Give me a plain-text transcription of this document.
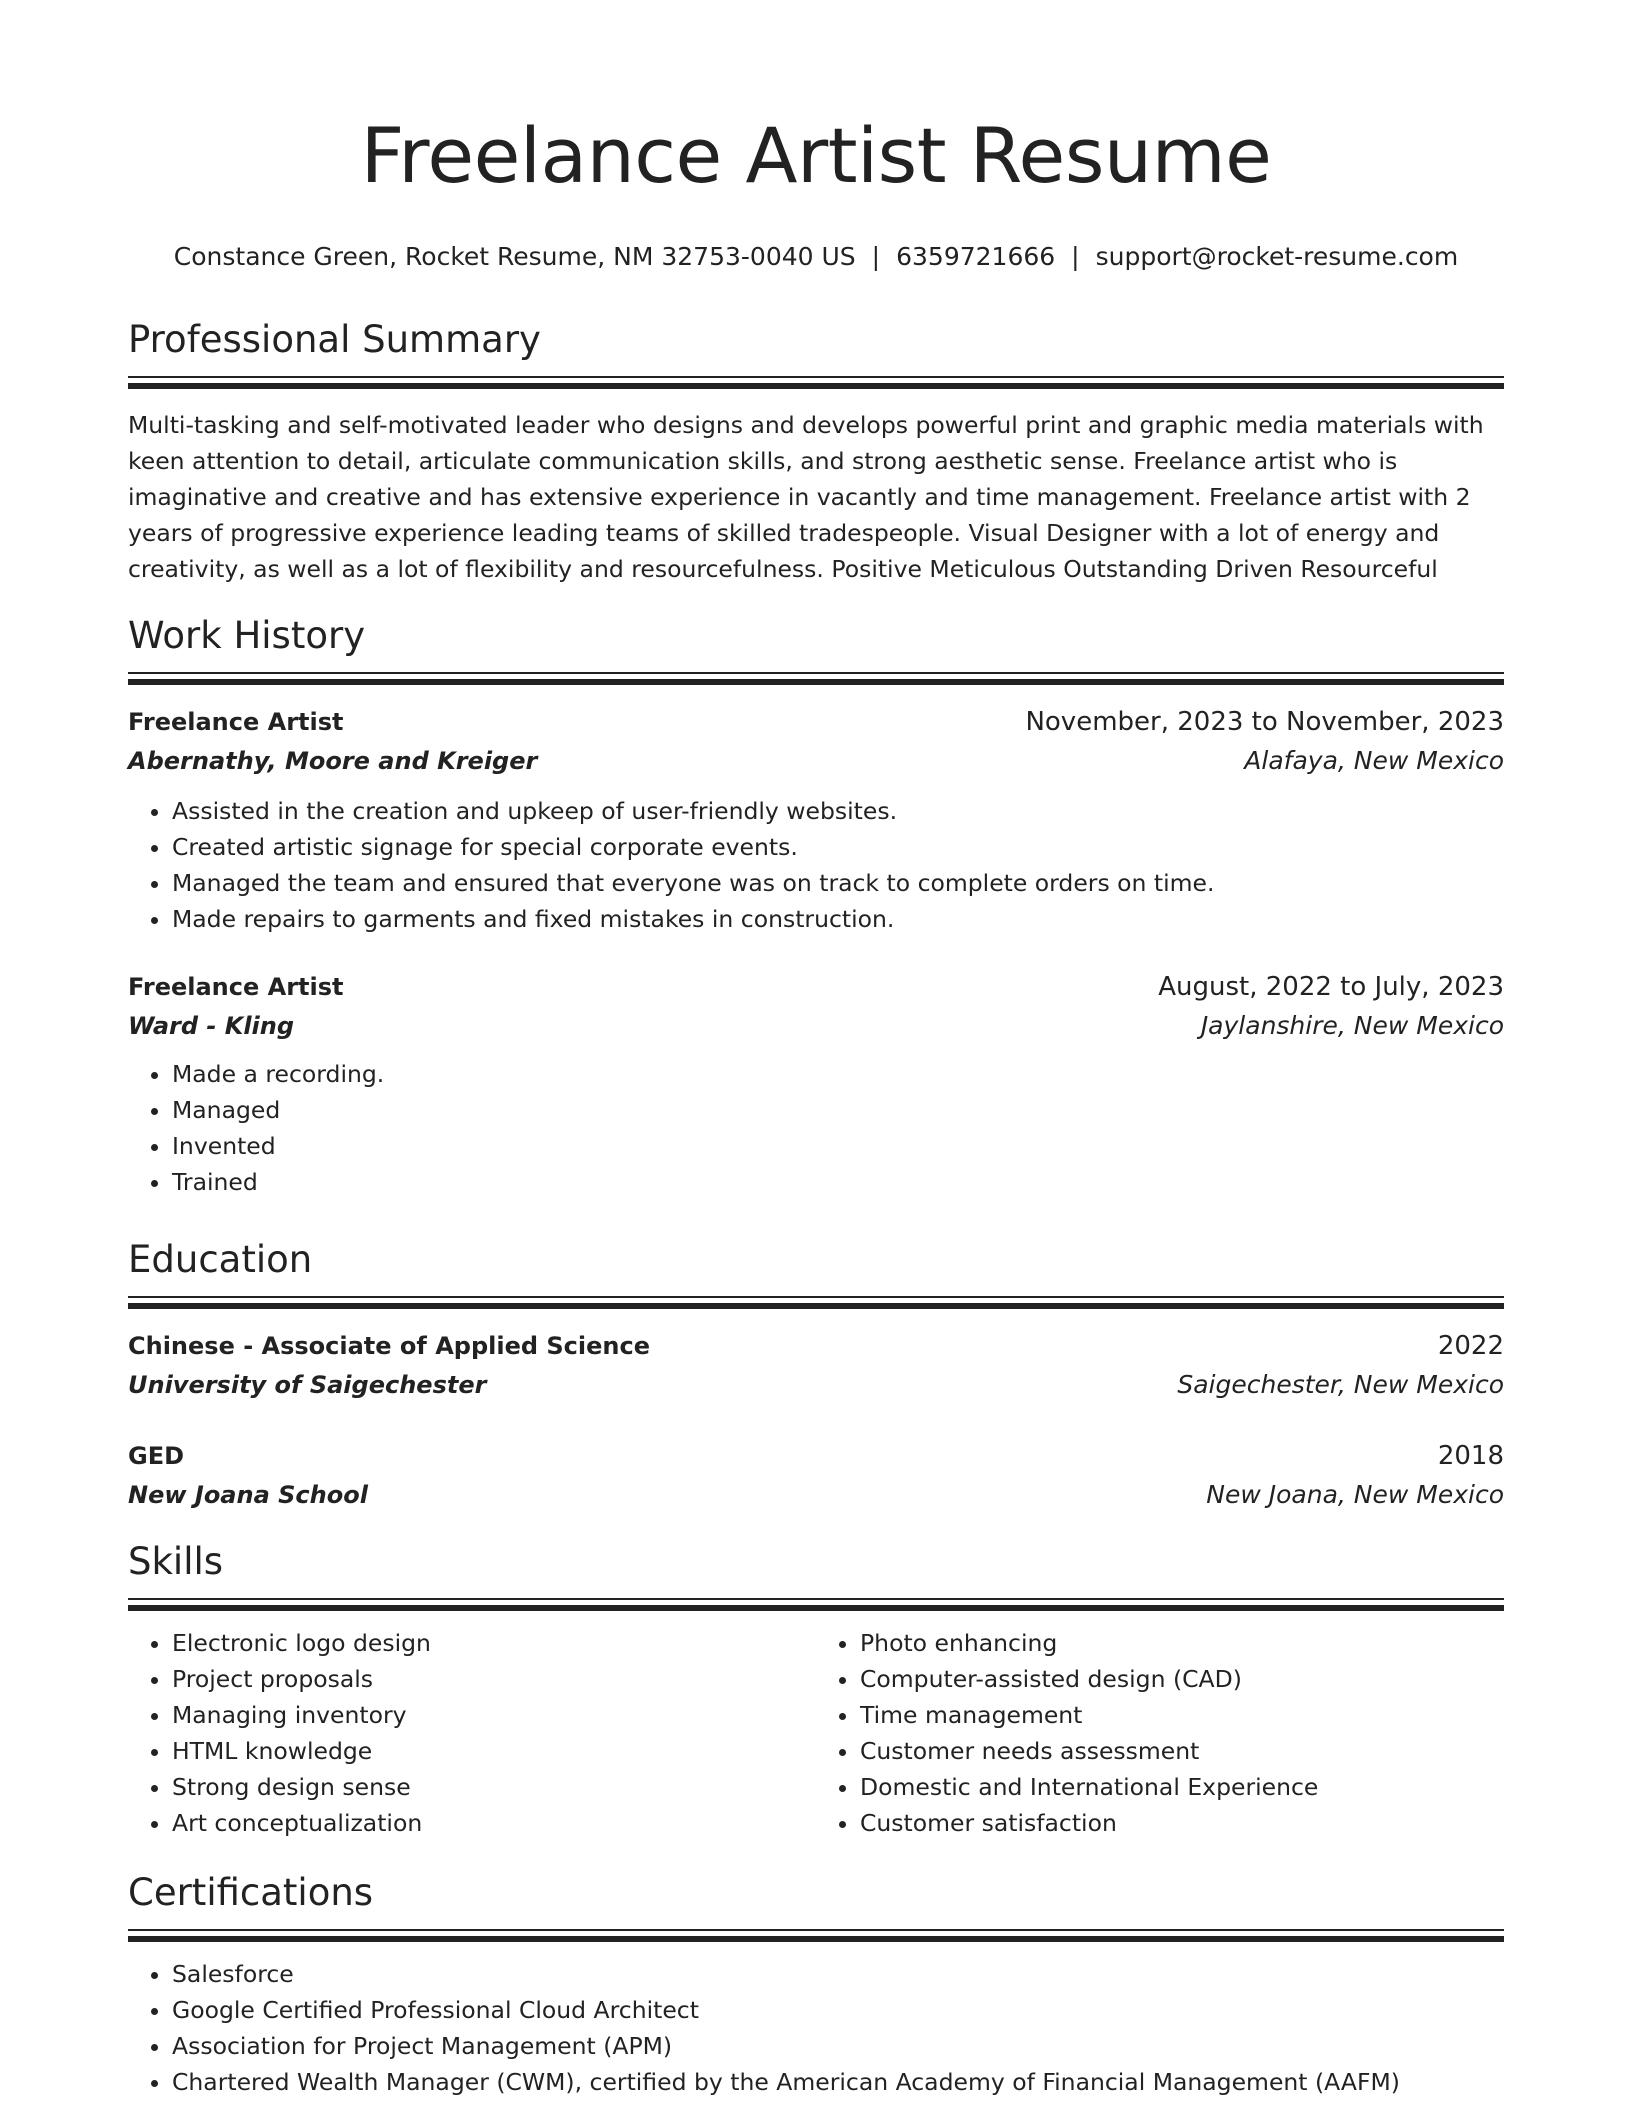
Freelance Artist Resume
Constance Green, Rocket Resume, NM 32753-0040 US | 6359721666 | support@rocket-resume.com
Professional Summary
Multi-tasking and self-motivated leader who designs and develops powerful print and graphic media materials with keen attention to detail, articulate communication skills, and strong aesthetic sense. Freelance artist who is imaginative and creative and has extensive experience in vacantly and time management. Freelance artist with 2 years of progressive experience leading teams of skilled tradespeople. Visual Designer with a lot of energy and creativity, as well as a lot of flexibility and resourcefulness. Positive Meticulous Outstanding Driven Resourceful
Work History
Freelance Artist	November, 2023 to November, 2023
Abernathy, Moore and Kreiger	Alafaya, New Mexico
• Assisted in the creation and upkeep of user-friendly websites.
• Created artistic signage for special corporate events.
• Managed the team and ensured that everyone was on track to complete orders on time.
• Made repairs to garments and fixed mistakes in construction.
Freelance Artist	August, 2022 to July, 2023
Ward - Kling	Jaylanshire, New Mexico
• Made a recording.
• Managed
• Invented
• Trained
Education
Chinese - Associate of Applied Science	2022
University of Saigechester	Saigechester, New Mexico
GED	2018
New Joana School	New Joana, New Mexico
Skills
• Electronic logo design
• Project proposals
• Managing inventory
• HTML knowledge
• Strong design sense
• Art conceptualization
• Photo enhancing
• Computer-assisted design (CAD)
• Time management
• Customer needs assessment
• Domestic and International Experience
• Customer satisfaction
Certifications
• Salesforce
• Google Certified Professional Cloud Architect
• Association for Project Management (APM)
• Chartered Wealth Manager (CWM), certified by the American Academy of Financial Management (AAFM)
